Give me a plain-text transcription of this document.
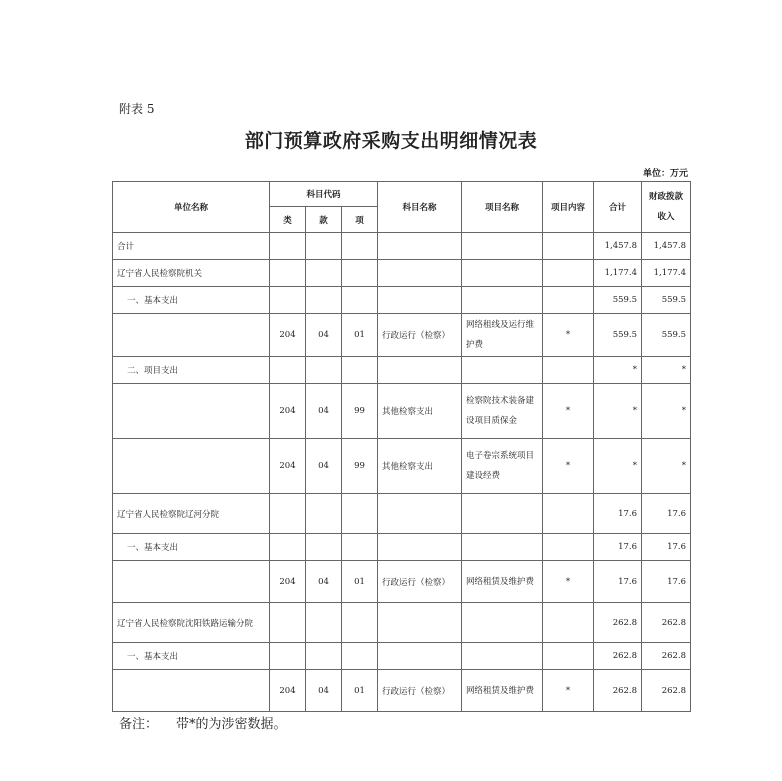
附表 5
部门预算政府采购支出明细情况表
单位：万元
单位名称	科目代码			科目名称	项目名称	项目内容	合计	财政拨款收入
	类	款	项					
合计							1,457.8	1,457.8
辽宁省人民检察院机关							1,177.4	1,177.4
一、基本支出							559.5	559.5
	204	04	01	行政运行（检察）	网络租线及运行维护费	*	559.5	559.5
二、项目支出							*	*
	204	04	99	其他检察支出	检察院技术装备建设项目质保金	*	*	*
	204	04	99	其他检察支出	电子卷宗系统项目建设经费	*	*	*
辽宁省人民检察院辽河分院							17.6	17.6
一、基本支出							17.6	17.6
	204	04	01	行政运行（检察）	网络租赁及维护费	*	17.6	17.6
辽宁省人民检察院沈阳铁路运输分院							262.8	262.8
一、基本支出							262.8	262.8
	204	04	01	行政运行（检察）	网络租赁及维护费	*	262.8	262.8
备注： 带*的为涉密数据。
